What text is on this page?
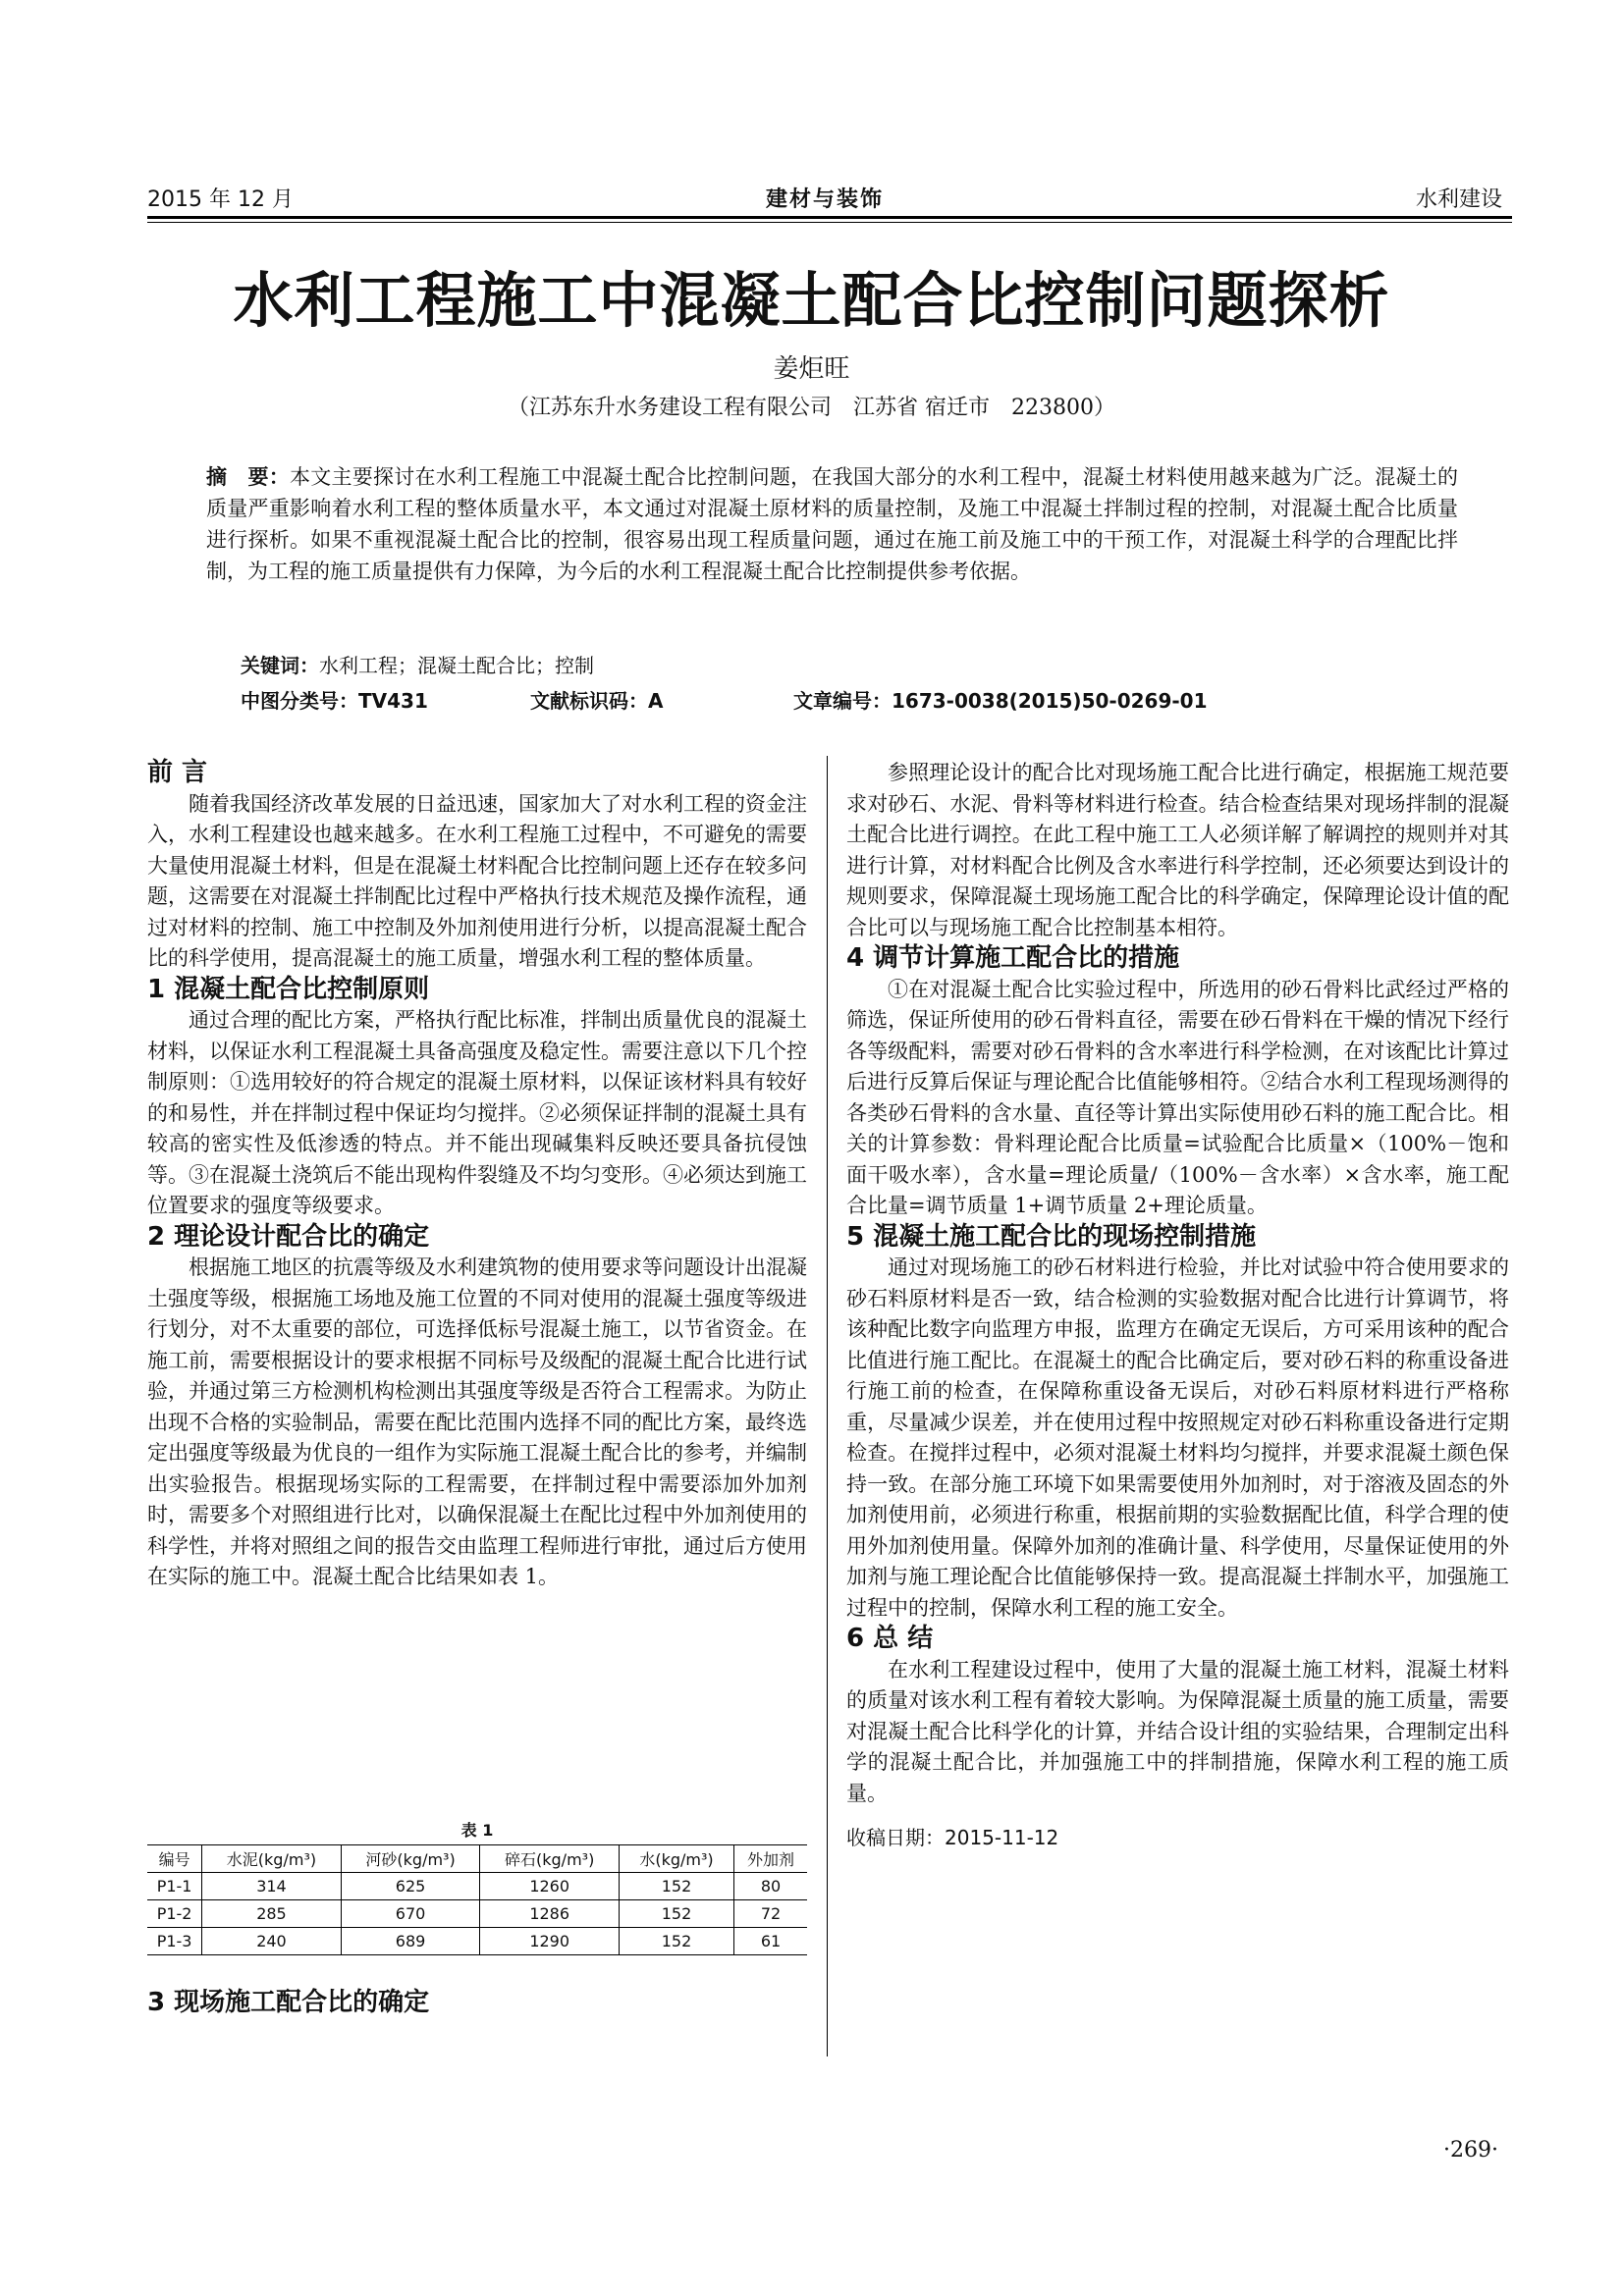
2015 年 12 月	建材与装饰	水利建设
水利工程施工中混凝土配合比控制问题探析
姜炬旺
（江苏东升水务建设工程有限公司　江苏省 宿迁市　223800）
摘　要：本文主要探讨在水利工程施工中混凝土配合比控制问题，在我国大部分的水利工程中，混凝土材料使用越来越为广泛。混凝土的质量严重影响着水利工程的整体质量水平，本文通过对混凝土原材料的质量控制，及施工中混凝土拌制过程的控制，对混凝土配合比质量进行探析。如果不重视混凝土配合比的控制，很容易出现工程质量问题，通过在施工前及施工中的干预工作，对混凝土科学的合理配比拌制，为工程的施工质量提供有力保障，为今后的水利工程混凝土配合比控制提供参考依据。
关键词：水利工程；混凝土配合比；控制
中图分类号：TV431	文献标识码：A	文章编号：1673-0038(2015)50-0269-01
前 言

随着我国经济改革发展的日益迅速，国家加大了对水利工程的资金注入，水利工程建设也越来越多。在水利工程施工过程中，不可避免的需要大量使用混凝土材料，但是在混凝土材料配合比控制问题上还存在较多问题，这需要在对混凝土拌制配比过程中严格执行技术规范及操作流程，通过对材料的控制、施工中控制及外加剂使用进行分析，以提高混凝土配合比的科学使用，提高混凝土的施工质量，增强水利工程的整体质量。

1 混凝土配合比控制原则

通过合理的配比方案，严格执行配比标准，拌制出质量优良的混凝土材料，以保证水利工程混凝土具备高强度及稳定性。需要注意以下几个控制原则：①选用较好的符合规定的混凝土原材料，以保证该材料具有较好的和易性，并在拌制过程中保证均匀搅拌。②必须保证拌制的混凝土具有较高的密实性及低渗透的特点。并不能出现碱集料反映还要具备抗侵蚀等。③在混凝土浇筑后不能出现构件裂缝及不均匀变形。④必须达到施工位置要求的强度等级要求。

2 理论设计配合比的确定

根据施工地区的抗震等级及水利建筑物的使用要求等问题设计出混凝土强度等级，根据施工场地及施工位置的不同对使用的混凝土强度等级进行划分，对不太重要的部位，可选择低标号混凝土施工，以节省资金。在施工前，需要根据设计的要求根据不同标号及级配的混凝土配合比进行试验，并通过第三方检测机构检测出其强度等级是否符合工程需求。为防止出现不合格的实验制品，需要在配比范围内选择不同的配比方案，最终选定出强度等级最为优良的一组作为实际施工混凝土配合比的参考，并编制出实验报告。根据现场实际的工程需要，在拌制过程中需要添加外加剂时，需要多个对照组进行比对，以确保混凝土在配比过程中外加剂使用的科学性，并将对照组之间的报告交由监理工程师进行审批，通过后方使用在实际的施工中。混凝土配合比结果如表 1。

表 1
编号	水泥(kg/m³)	河砂(kg/m³)	碎石(kg/m³)	水(kg/m³)	外加剂
P1-1	314	625	1260	152	80
P1-2	285	670	1286	152	72
P1-3	240	689	1290	152	61
3 现场施工配合比的确定

参照理论设计的配合比对现场施工配合比进行确定，根据施工规范要求对砂石、水泥、骨料等材料进行检查。结合检查结果对现场拌制的混凝土配合比进行调控。在此工程中施工工人必须详解了解调控的规则并对其进行计算，对材料配合比例及含水率进行科学控制，还必须要达到设计的规则要求，保障混凝土现场施工配合比的科学确定，保障理论设计值的配合比可以与现场施工配合比控制基本相符。

4 调节计算施工配合比的措施

①在对混凝土配合比实验过程中，所选用的砂石骨料比武经过严格的筛选，保证所使用的砂石骨料直径，需要在砂石骨料在干燥的情况下经行各等级配料，需要对砂石骨料的含水率进行科学检测，在对该配比计算过后进行反算后保证与理论配合比值能够相符。②结合水利工程现场测得的各类砂石骨料的含水量、直径等计算出实际使用砂石料的施工配合比。相关的计算参数：骨料理论配合比质量=试验配合比质量×（100%－饱和面干吸水率），含水量=理论质量/（100%－含水率）×含水率，施工配合比量=调节质量 1+调节质量 2+理论质量。

5 混凝土施工配合比的现场控制措施

通过对现场施工的砂石材料进行检验，并比对试验中符合使用要求的砂石料原材料是否一致，结合检测的实验数据对配合比进行计算调节，将该种配比数字向监理方申报，监理方在确定无误后，方可采用该种的配合比值进行施工配比。在混凝土的配合比确定后，要对砂石料的称重设备进行施工前的检查，在保障称重设备无误后，对砂石料原材料进行严格称重，尽量减少误差，并在使用过程中按照规定对砂石料称重设备进行定期检查。在搅拌过程中，必须对混凝土材料均匀搅拌，并要求混凝土颜色保持一致。在部分施工环境下如果需要使用外加剂时，对于溶液及固态的外加剂使用前，必须进行称重，根据前期的实验数据配比值，科学合理的使用外加剂使用量。保障外加剂的准确计量、科学使用，尽量保证使用的外加剂与施工理论配合比值能够保持一致。提高混凝土拌制水平，加强施工过程中的控制，保障水利工程的施工安全。

6 总 结

在水利工程建设过程中，使用了大量的混凝土施工材料，混凝土材料的质量对该水利工程有着较大影响。为保障混凝土质量的施工质量，需要对混凝土配合比科学化的计算，并结合设计组的实验结果，合理制定出科学的混凝土配合比，并加强施工中的拌制措施，保障水利工程的施工质量。

收稿日期：2015-11-12
·269·
